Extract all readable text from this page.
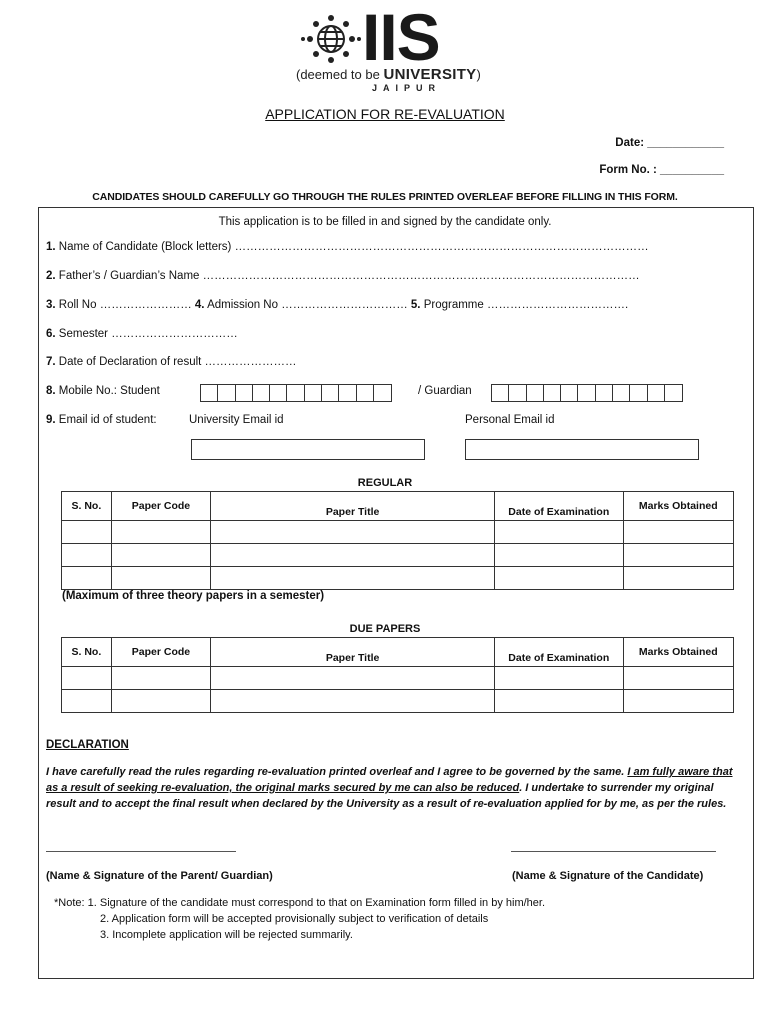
IIS
(deemed to be UNIVERSITY)
JAIPUR
APPLICATION FOR RE-EVALUATION
Date: ____________
Form No. : __________
CANDIDATES SHOULD CAREFULLY GO THROUGH THE RULES PRINTED OVERLEAF BEFORE FILLING IN THIS FORM.
This application is to be filled in and signed by the candidate only.
1. Name of Candidate (Block letters) ………………………………………………………………………………………………
2. Father’s / Guardian’s Name ……………………………………………………………………………………………………
3. Roll No …………………… 4. Admission No …………………………… 5. Programme ……………………………….
6. Semester ……………………………
7. Date of Declaration of result ……………………
8. Mobile No.: Student	/ Guardian
9. Email id of student:	University Email id	Personal Email id
REGULAR
S. No.	Paper Code	Paper Title	Date of Examination	Marks Obtained

(Maximum of three theory papers in a semester)
DUE PAPERS
S. No.	Paper Code	Paper Title	Date of Examination	Marks Obtained

DECLARATION
I have carefully read the rules regarding re-evaluation printed overleaf and I agree to be governed by the same. I am fully aware that as a result of seeking re-evaluation, the original marks secured by me can also be reduced. I undertake to surrender my original result and to accept the final result when declared by the University as a result of re-evaluation applied for by me, as per the rules.
(Name & Signature of the Parent/ Guardian)	(Name & Signature of the Candidate)
*Note: 1. Signature of the candidate must correspond to that on Examination form filled in by him/her.
2. Application form will be accepted provisionally subject to verification of details
3. Incomplete application will be rejected summarily.
